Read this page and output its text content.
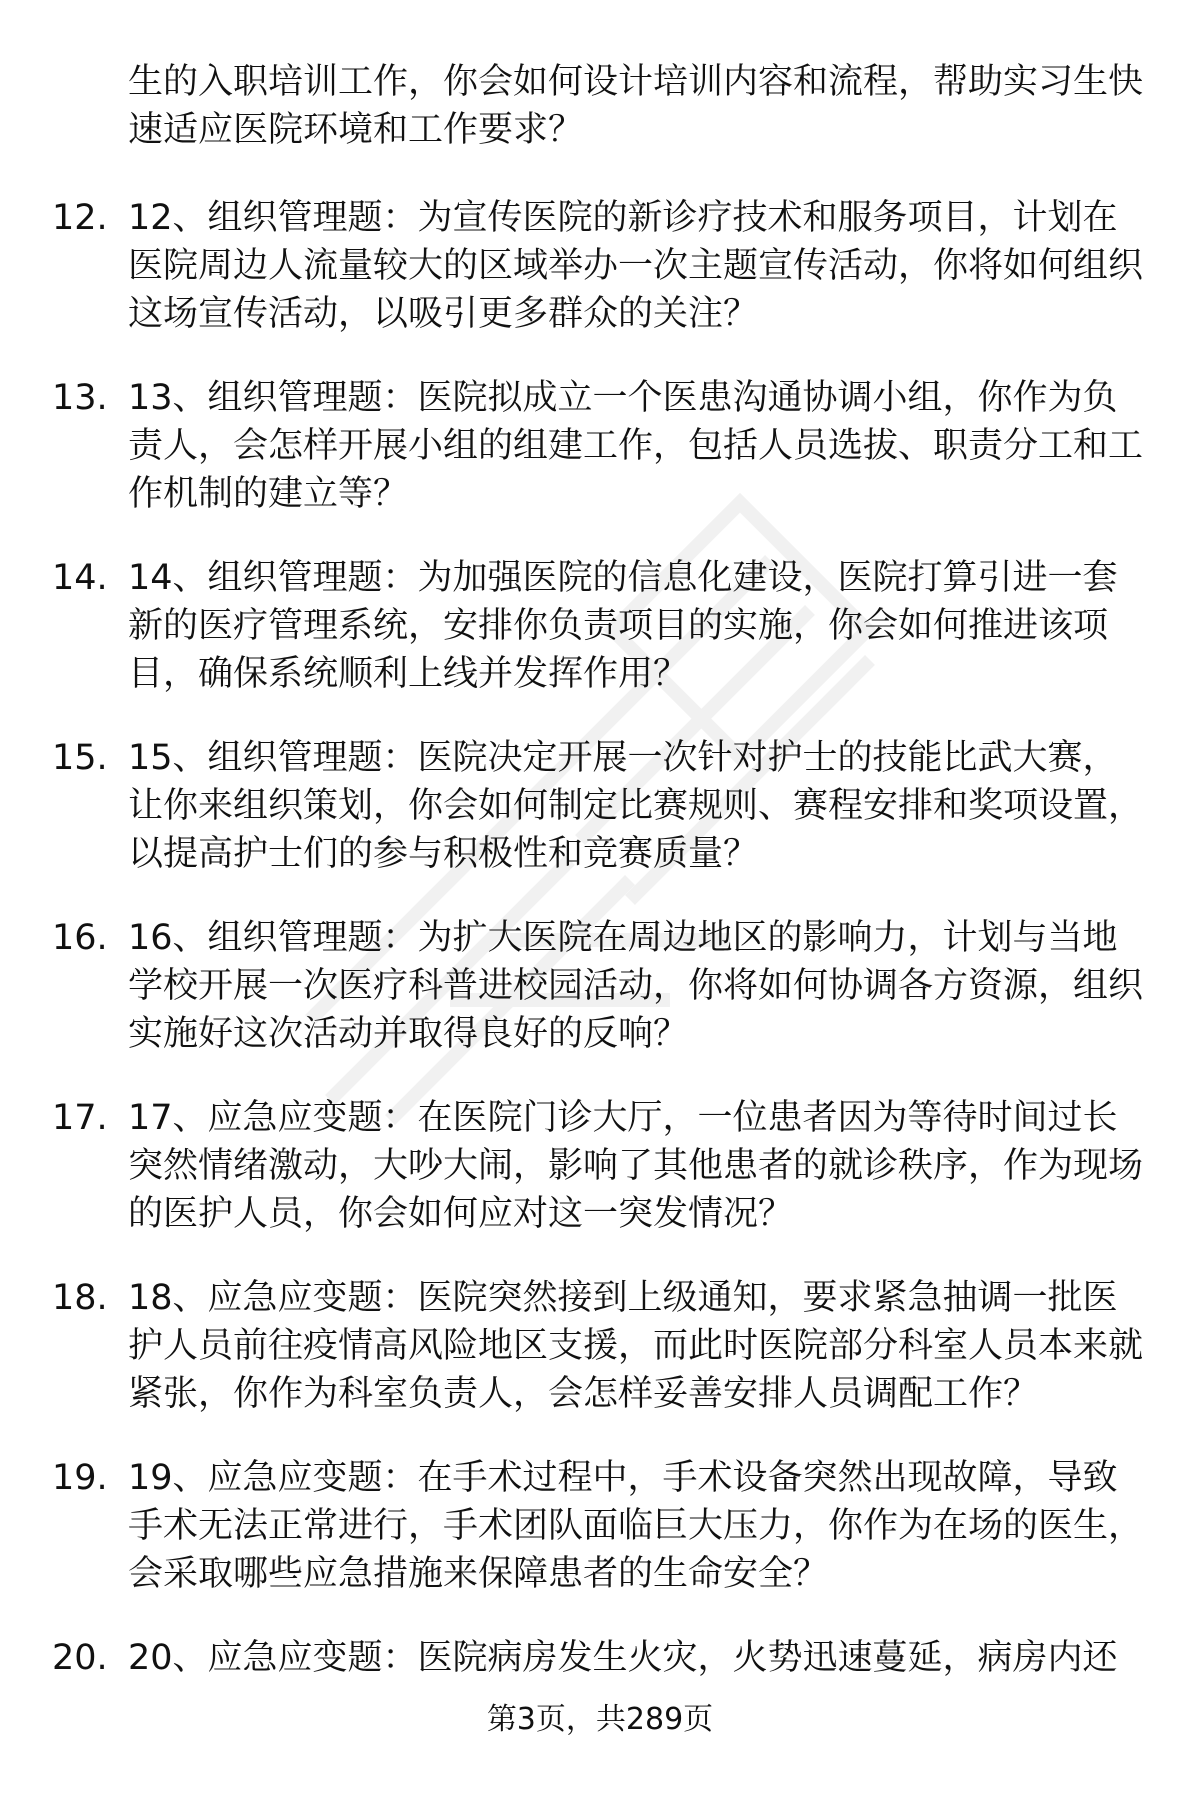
生的入职培训工作，你会如何设计培训内容和流程，帮助实习生快速适应医院环境和工作要求？

12. 12、组织管理题：为宣传医院的新诊疗技术和服务项目，计划在医院周边人流量较大的区域举办一次主题宣传活动，你将如何组织这场宣传活动，以吸引更多群众的关注？

13. 13、组织管理题：医院拟成立一个医患沟通协调小组，你作为负责人，会怎样开展小组的组建工作，包括人员选拔、职责分工和工作机制的建立等？

14. 14、组织管理题：为加强医院的信息化建设，医院打算引进一套新的医疗管理系统，安排你负责项目的实施，你会如何推进该项目，确保系统顺利上线并发挥作用？

15. 15、组织管理题：医院决定开展一次针对护士的技能比武大赛，让你来组织策划，你会如何制定比赛规则、赛程安排和奖项设置，以提高护士们的参与积极性和竞赛质量？

16. 16、组织管理题：为扩大医院在周边地区的影响力，计划与当地学校开展一次医疗科普进校园活动，你将如何协调各方资源，组织实施好这次活动并取得良好的反响？

17. 17、应急应变题：在医院门诊大厅，一位患者因为等待时间过长突然情绪激动，大吵大闹，影响了其他患者的就诊秩序，作为现场的医护人员，你会如何应对这一突发情况？

18. 18、应急应变题：医院突然接到上级通知，要求紧急抽调一批医护人员前往疫情高风险地区支援，而此时医院部分科室人员本来就紧张，你作为科室负责人，会怎样妥善安排人员调配工作？

19. 19、应急应变题：在手术过程中，手术设备突然出现故障，导致手术无法正常进行，手术团队面临巨大压力，你作为在场的医生，会采取哪些应急措施来保障患者的生命安全？

20. 20、应急应变题：医院病房发生火灾，火势迅速蔓延，病房内还

第3页，共289页
